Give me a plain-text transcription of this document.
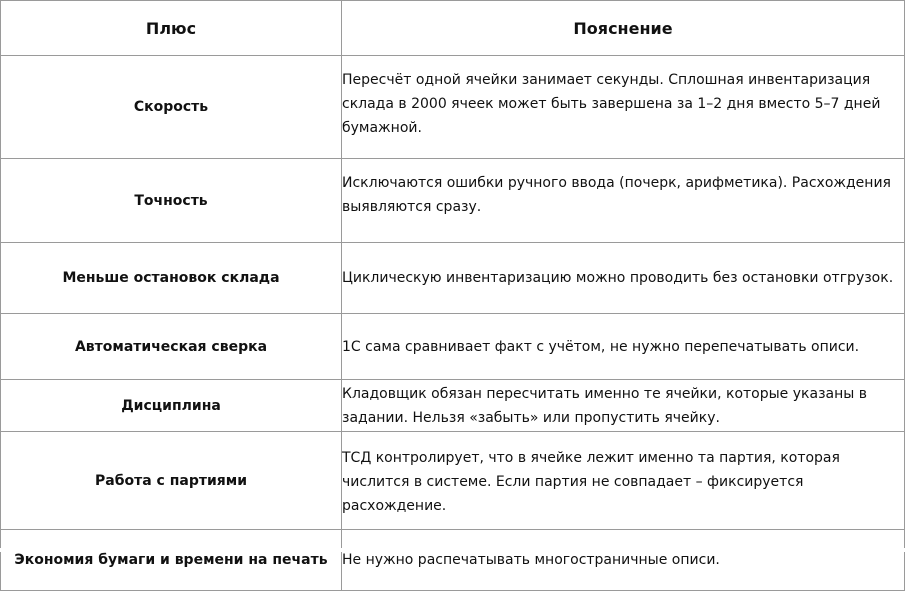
Плюс	Пояснение
Скорость	Пересчёт одной ячейки занимает секунды. Сплошная инвентаризация склада в 2000 ячеек может быть завершена за 1–2 дня вместо 5–7 дней бумажной.
Точность	Исключаются ошибки ручного ввода (почерк, арифметика). Расхождения выявляются сразу.
Меньше остановок склада	Циклическую инвентаризацию можно проводить без остановки отгрузок.
Автоматическая сверка	1С сама сравнивает факт с учётом, не нужно перепечатывать описи.
Дисциплина	Кладовщик обязан пересчитать именно те ячейки, которые указаны в задании. Нельзя «забыть» или пропустить ячейку.
Работа с партиями	ТСД контролирует, что в ячейке лежит именно та партия, которая числится в системе. Если партия не совпадает – фиксируется расхождение.
Экономия бумаги и времени на печать	Не нужно распечатывать многостраничные описи.
